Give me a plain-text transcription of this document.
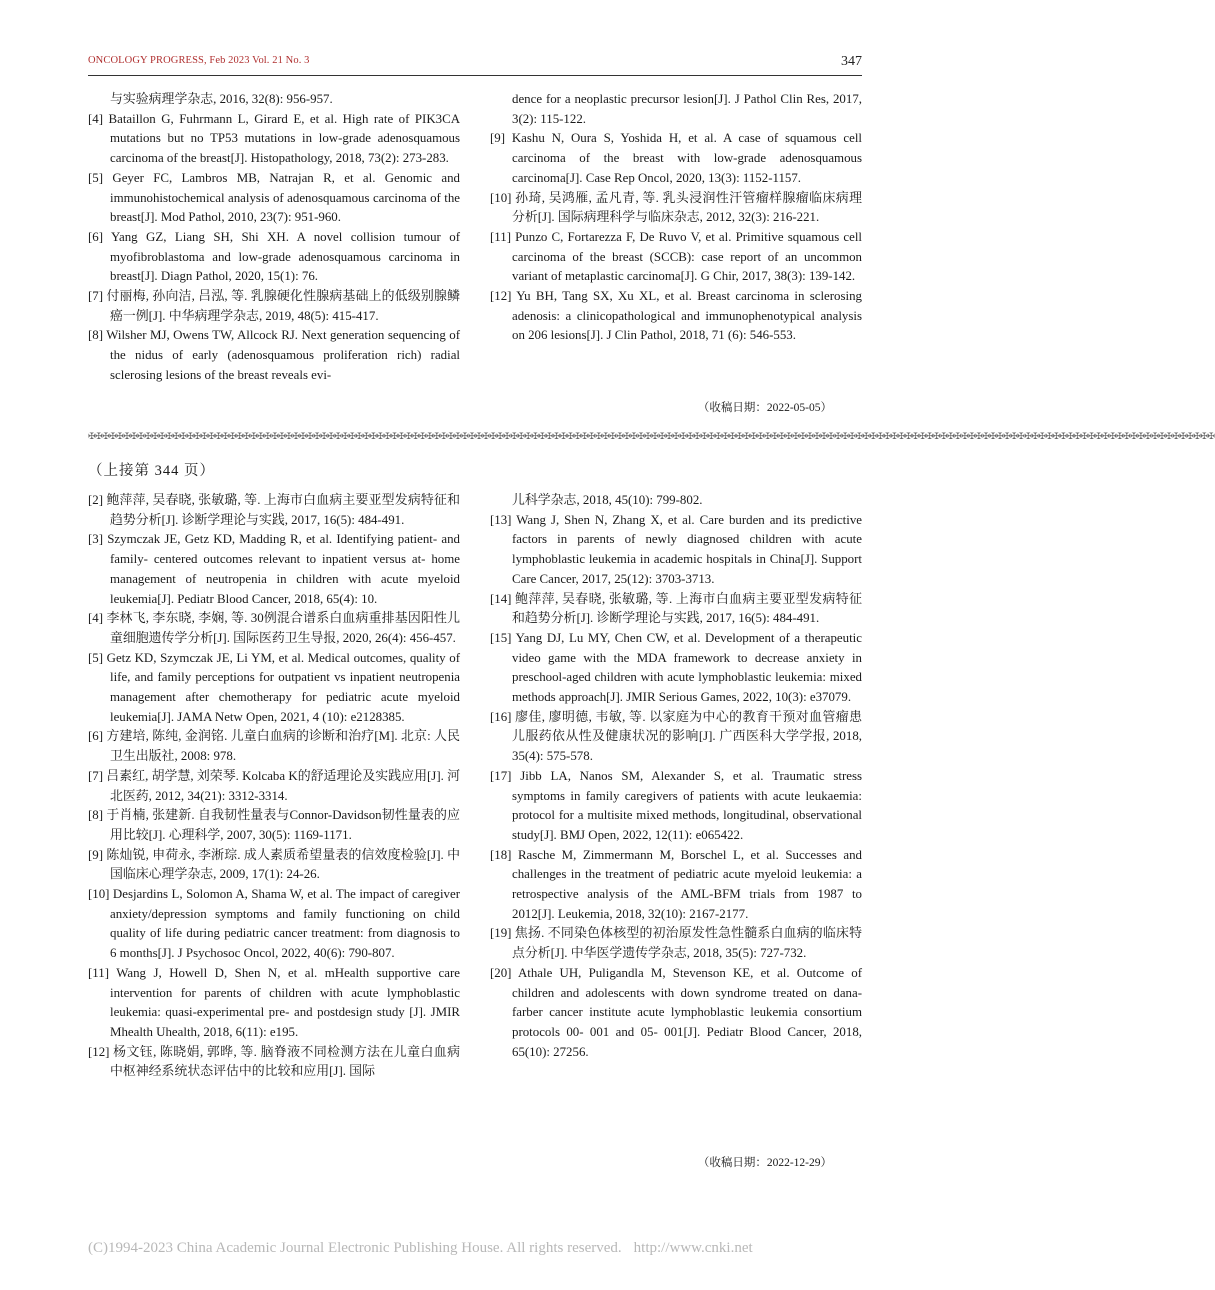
ONCOLOGY PROGRESS, Feb 2023 Vol. 21 No. 3	347

与实验病理学杂志, 2016, 32(8): 956-957.

[4] Bataillon G, Fuhrmann L, Girard E, et al. High rate of PIK3CA mutations but no TP53 mutations in low-grade adenosquamous carcinoma of the breast[J]. Histopathology, 2018, 73(2): 273-283.

[5] Geyer FC, Lambros MB, Natrajan R, et al. Genomic and immunohistochemical analysis of adenosquamous carcinoma of the breast[J]. Mod Pathol, 2010, 23(7): 951-960.

[6] Yang GZ, Liang SH, Shi XH. A novel collision tumour of myofibroblastoma and low-grade adenosquamous carcinoma in breast[J]. Diagn Pathol, 2020, 15(1): 76.

[7] 付丽梅, 孙向洁, 吕泓, 等. 乳腺硬化性腺病基础上的低级别腺鳞癌一例[J]. 中华病理学杂志, 2019, 48(5): 415-417.

[8] Wilsher MJ, Owens TW, Allcock RJ. Next generation sequencing of the nidus of early (adenosquamous proliferation rich) radial sclerosing lesions of the breast reveals evi-

dence for a neoplastic precursor lesion[J]. J Pathol Clin Res, 2017, 3(2): 115-122.

[9] Kashu N, Oura S, Yoshida H, et al. A case of squamous cell carcinoma of the breast with low-grade adenosquamous carcinoma[J]. Case Rep Oncol, 2020, 13(3): 1152-1157.

[10] 孙琦, 吴鸿雁, 孟凡青, 等. 乳头浸润性汗管瘤样腺瘤临床病理分析[J]. 国际病理科学与临床杂志, 2012, 32(3): 216-221.

[11] Punzo C, Fortarezza F, De Ruvo V, et al. Primitive squamous cell carcinoma of the breast (SCCB): case report of an uncommon variant of metaplastic carcinoma[J]. G Chir, 2017, 38(3): 139-142.

[12] Yu BH, Tang SX, Xu XL, et al. Breast carcinoma in sclerosing adenosis: a clinicopathological and immunophenotypical analysis on 206 lesions[J]. J Clin Pathol, 2018, 71 (6): 546-553.

（收稿日期：2022-05-05）
✠✠✠✠✠✠✠✠✠✠✠✠✠✠✠✠✠✠✠✠✠✠✠✠✠✠✠✠✠✠✠✠✠✠✠✠✠✠✠✠✠✠✠✠✠✠✠✠✠✠✠✠✠✠✠✠✠✠✠✠✠✠✠✠✠✠✠✠✠✠✠✠✠✠✠✠✠✠✠✠✠✠✠✠✠✠✠✠✠✠✠✠✠✠✠✠✠✠✠✠✠✠✠✠✠✠✠✠✠✠✠✠✠✠✠✠✠✠✠✠✠✠✠✠✠✠✠✠✠✠✠✠✠✠✠✠✠✠✠✠✠✠✠✠✠✠✠✠✠✠✠✠✠✠✠✠✠✠✠✠
（上接第 344 页）

[2] 鲍萍萍, 吴春晓, 张敏璐, 等. 上海市白血病主要亚型发病特征和趋势分析[J]. 诊断学理论与实践, 2017, 16(5): 484-491.

[3] Szymczak JE, Getz KD, Madding R, et al. Identifying patient- and family- centered outcomes relevant to inpatient versus at- home management of neutropenia in children with acute myeloid leukemia[J]. Pediatr Blood Cancer, 2018, 65(4): 10.

[4] 李林飞, 李东晓, 李娴, 等. 30例混合谱系白血病重排基因阳性儿童细胞遗传学分析[J]. 国际医药卫生导报, 2020, 26(4): 456-457.

[5] Getz KD, Szymczak JE, Li YM, et al. Medical outcomes, quality of life, and family perceptions for outpatient vs inpatient neutropenia management after chemotherapy for pediatric acute myeloid leukemia[J]. JAMA Netw Open, 2021, 4 (10): e2128385.

[6] 方建培, 陈纯, 金润铭. 儿童白血病的诊断和治疗[M]. 北京: 人民卫生出版社, 2008: 978.

[7] 吕素红, 胡学慧, 刘荣琴. Kolcaba K的舒适理论及实践应用[J]. 河北医药, 2012, 34(21): 3312-3314.

[8] 于肖楠, 张建新. 自我韧性量表与Connor-Davidson韧性量表的应用比较[J]. 心理科学, 2007, 30(5): 1169-1171.

[9] 陈灿锐, 申荷永, 李淅琮. 成人素质希望量表的信效度检验[J]. 中国临床心理学杂志, 2009, 17(1): 24-26.

[10] Desjardins L, Solomon A, Shama W, et al. The impact of caregiver anxiety/depression symptoms and family functioning on child quality of life during pediatric cancer treatment: from diagnosis to 6 months[J]. J Psychosoc Oncol, 2022, 40(6): 790-807.

[11] Wang J, Howell D, Shen N, et al. mHealth supportive care intervention for parents of children with acute lymphoblastic leukemia: quasi-experimental pre- and postdesign study [J]. JMIR Mhealth Uhealth, 2018, 6(11): e195.

[12] 杨文钰, 陈晓娟, 郭晔, 等. 脑脊液不同检测方法在儿童白血病中枢神经系统状态评估中的比较和应用[J]. 国际

儿科学杂志, 2018, 45(10): 799-802.

[13] Wang J, Shen N, Zhang X, et al. Care burden and its predictive factors in parents of newly diagnosed children with acute lymphoblastic leukemia in academic hospitals in China[J]. Support Care Cancer, 2017, 25(12): 3703-3713.

[14] 鲍萍萍, 吴春晓, 张敏璐, 等. 上海市白血病主要亚型发病特征和趋势分析[J]. 诊断学理论与实践, 2017, 16(5): 484-491.

[15] Yang DJ, Lu MY, Chen CW, et al. Development of a therapeutic video game with the MDA framework to decrease anxiety in preschool-aged children with acute lymphoblastic leukemia: mixed methods approach[J]. JMIR Serious Games, 2022, 10(3): e37079.

[16] 廖佳, 廖明德, 韦敏, 等. 以家庭为中心的教育干预对血管瘤患儿服药依从性及健康状况的影响[J]. 广西医科大学学报, 2018, 35(4): 575-578.

[17] Jibb LA, Nanos SM, Alexander S, et al. Traumatic stress symptoms in family caregivers of patients with acute leukaemia: protocol for a multisite mixed methods, longitudinal, observational study[J]. BMJ Open, 2022, 12(11): e065422.

[18] Rasche M, Zimmermann M, Borschel L, et al. Successes and challenges in the treatment of pediatric acute myeloid leukemia: a retrospective analysis of the AML-BFM trials from 1987 to 2012[J]. Leukemia, 2018, 32(10): 2167-2177.

[19] 焦扬. 不同染色体核型的初治原发性急性髓系白血病的临床特点分析[J]. 中华医学遗传学杂志, 2018, 35(5): 727-732.

[20] Athale UH, Puligandla M, Stevenson KE, et al. Outcome of children and adolescents with down syndrome treated on dana-farber cancer institute acute lymphoblastic leukemia consortium protocols 00- 001 and 05- 001[J]. Pediatr Blood Cancer, 2018, 65(10): 27256.

（收稿日期：2022-12-29）
(C)1994-2023 China Academic Journal Electronic Publishing House. All rights reserved. http://www.cnki.net
